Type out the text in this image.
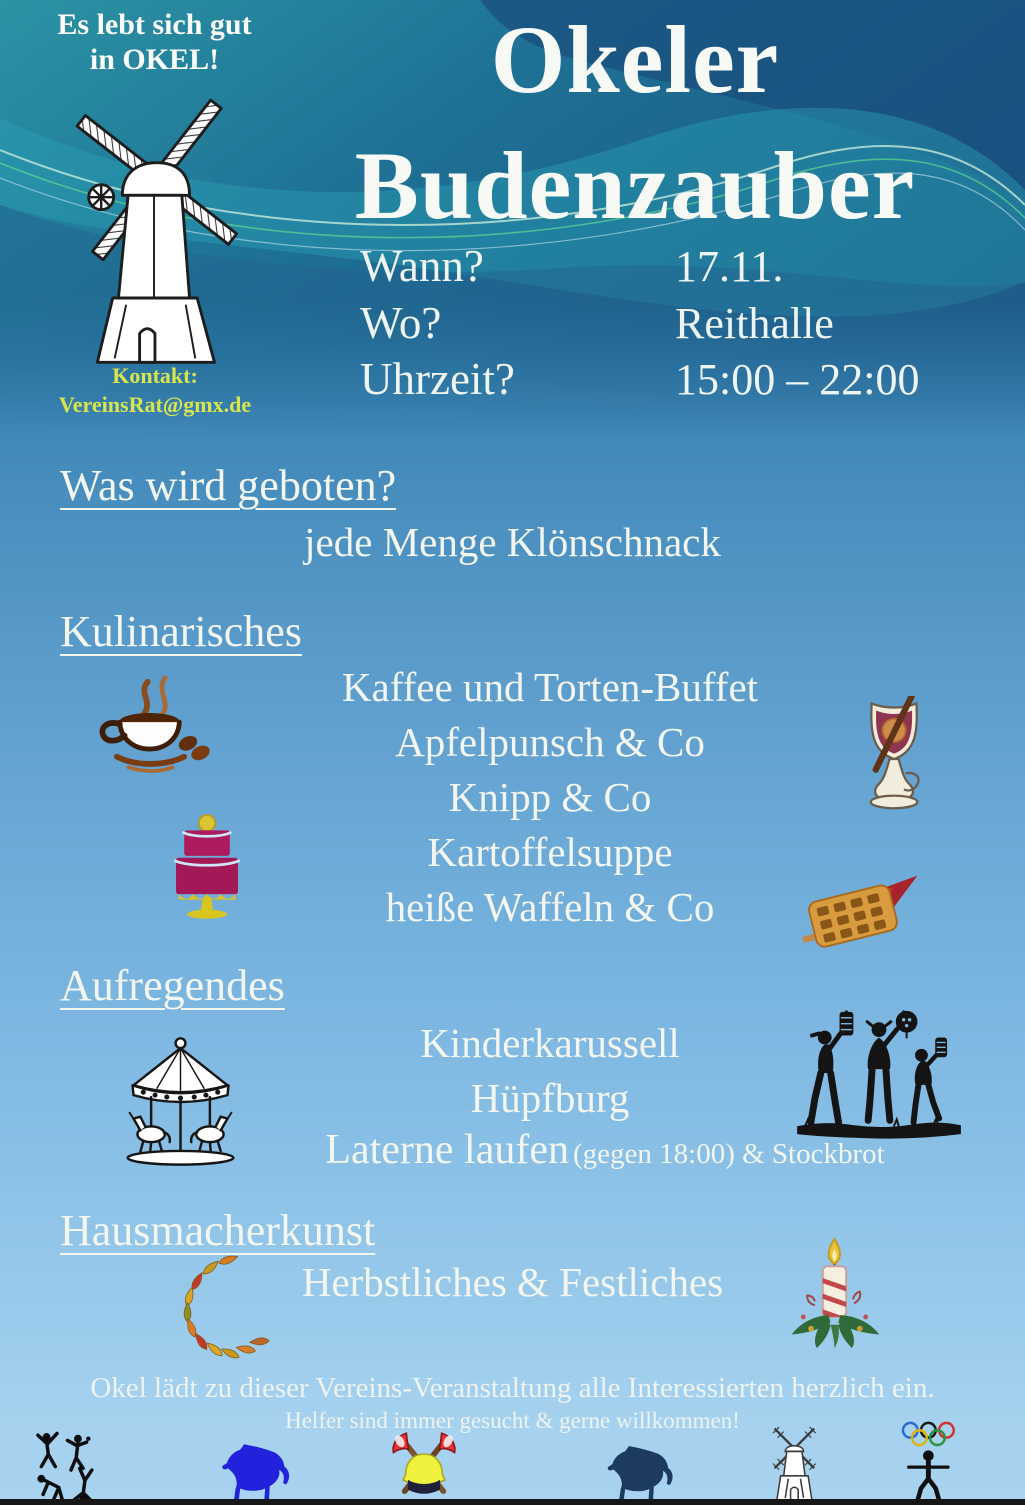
Es lebt sich gut
in OKEL!	Okeler
Budenzauber
Wann?	17.11.
Wo?	Reithalle
Uhrzeit?	15:00 – 22:00
Kontakt:
VereinsRat@gmx.de
Was wird geboten?
jede Menge Klönschnack
Kulinarisches
Kaffee und Torten-Buffet
Apfelpunsch & Co
Knipp & Co
Kartoffelsuppe
heiße Waffeln & Co
Aufregendes
Kinderkarussell
Hüpfburg
Laterne laufen (gegen 18:00) & Stockbrot
Hausmacherkunst
Herbstliches & Festliches
Okel lädt zu dieser Vereins-Veranstaltung alle Interessierten herzlich ein.
Helfer sind immer gesucht & gerne willkommen!
